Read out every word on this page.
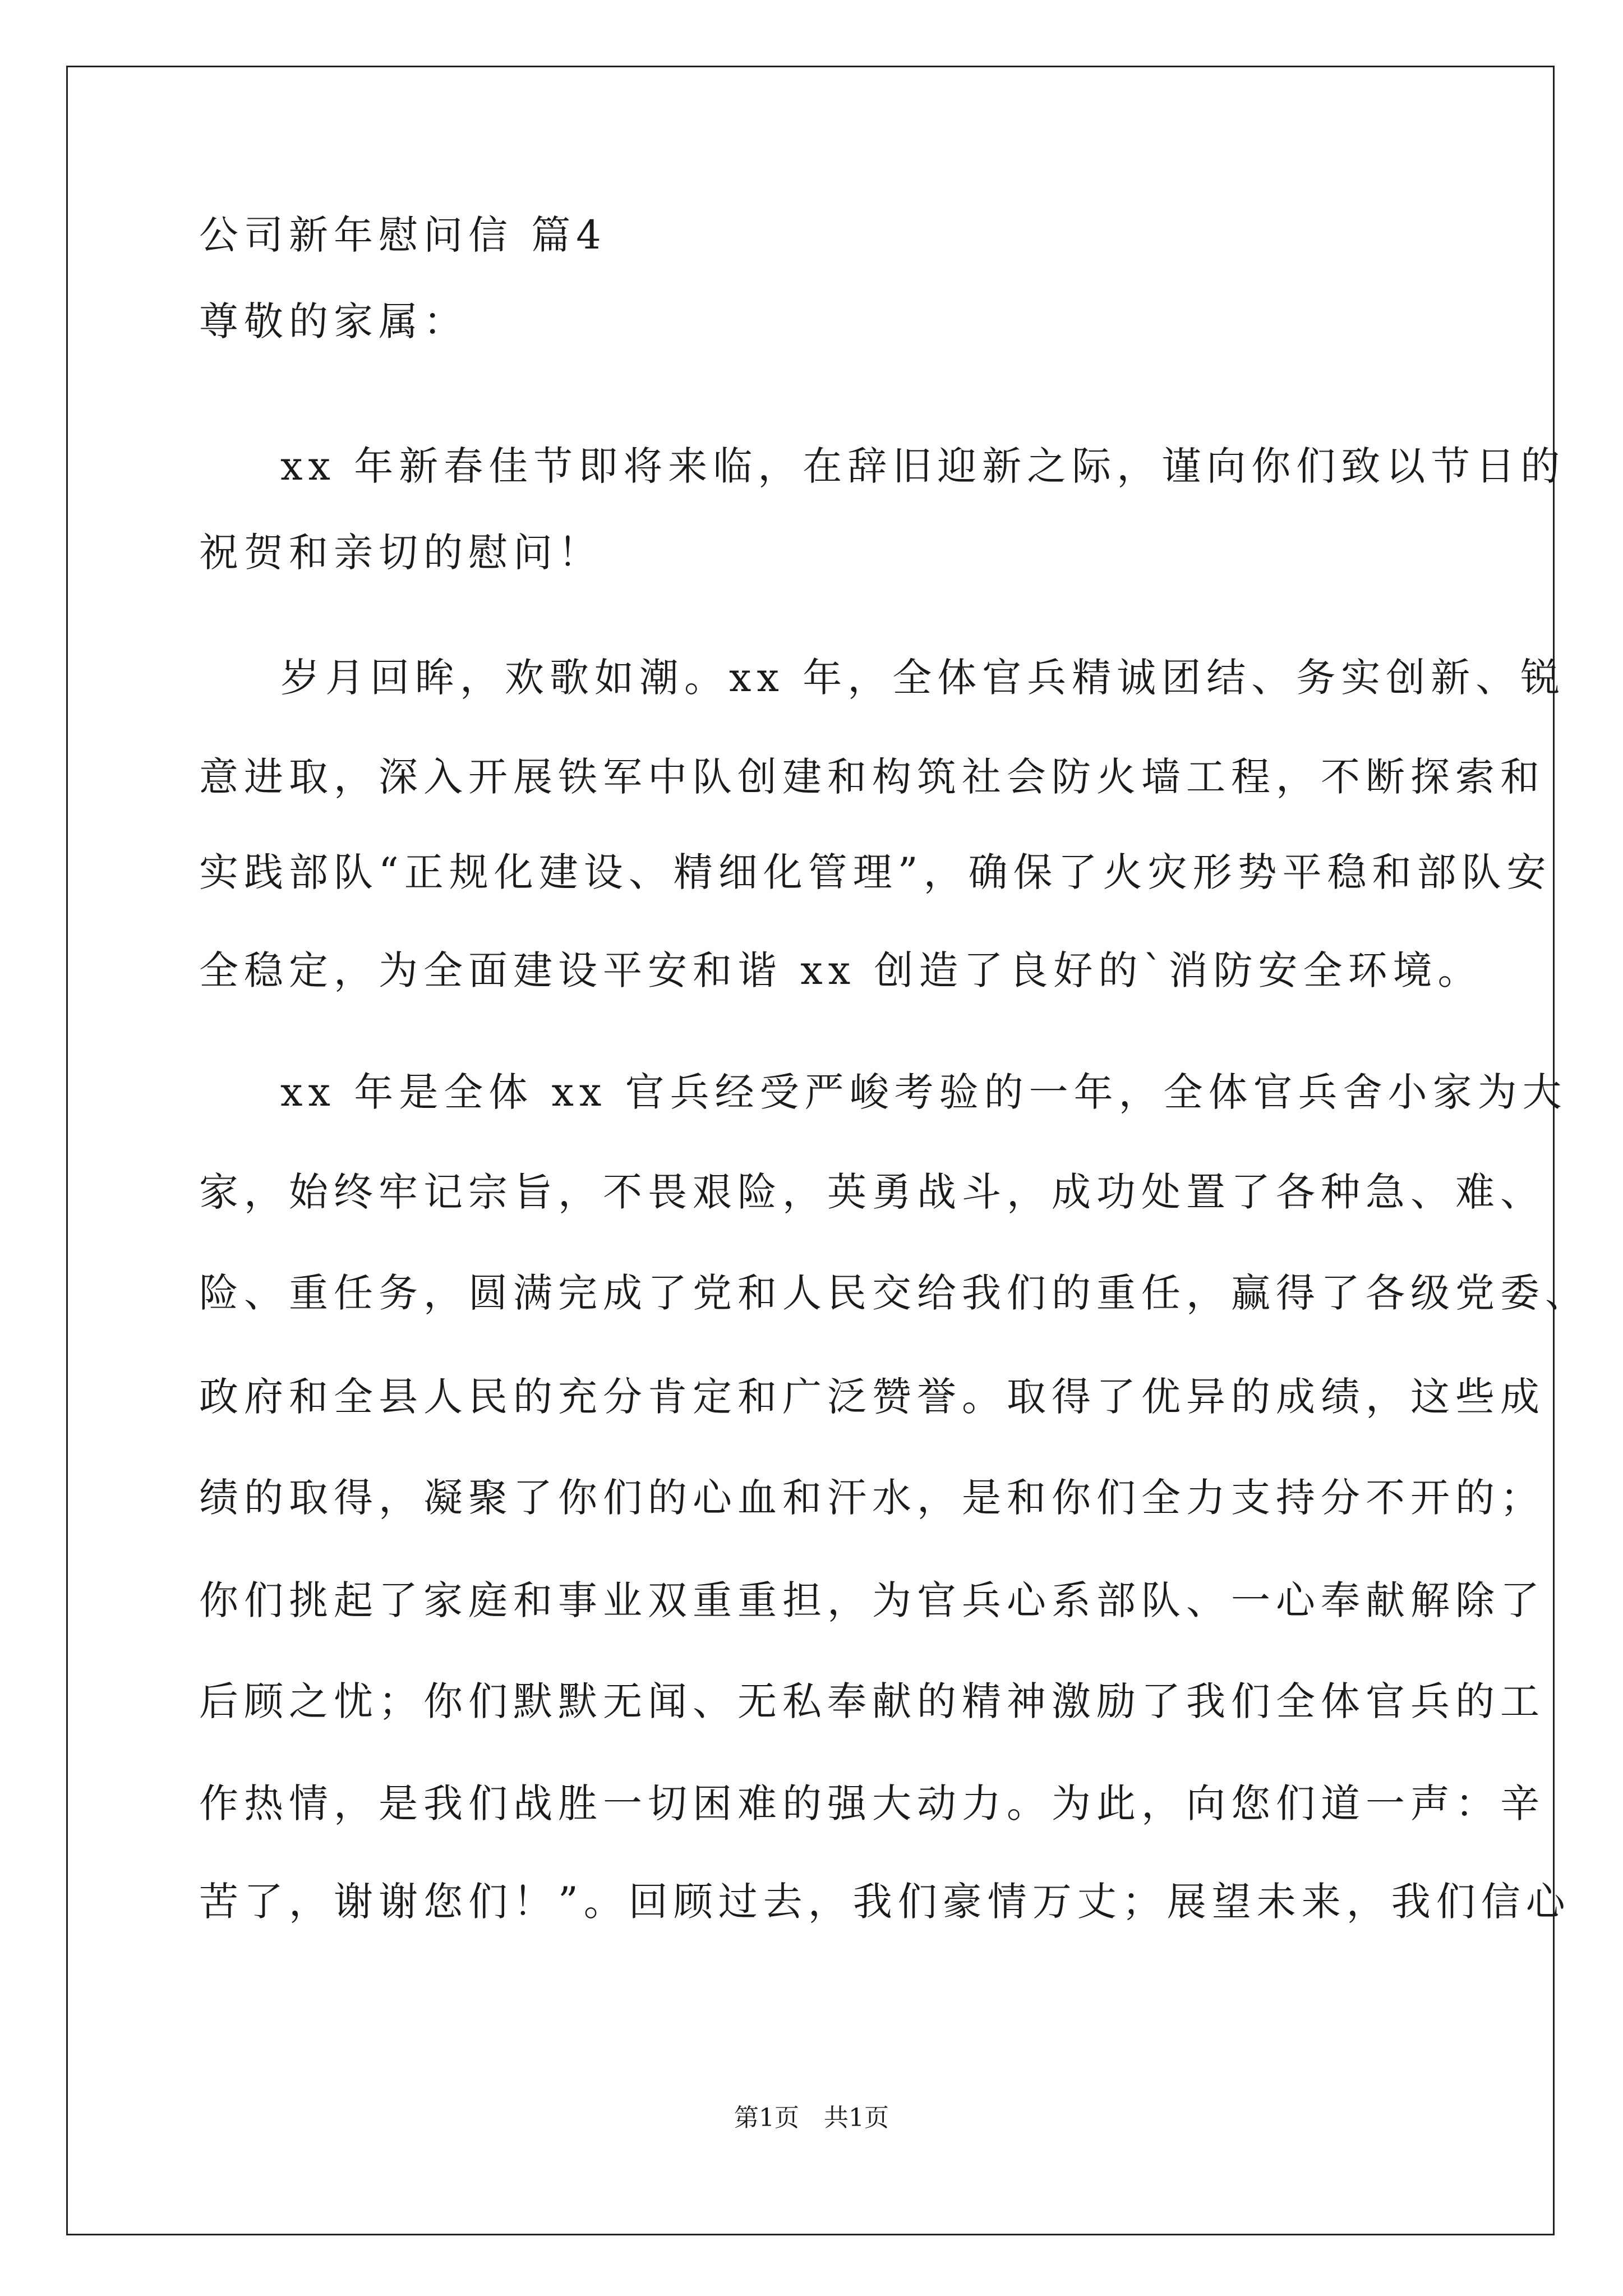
公司新年慰问信 篇4

尊敬的家属：

xx 年新春佳节即将来临，在辞旧迎新之际，谨向你们致以节日的

祝贺和亲切的慰问！

岁月回眸，欢歌如潮。xx 年，全体官兵精诚团结、务实创新、锐

意进取，深入开展铁军中队创建和构筑社会防火墙工程，不断探索和

实践部队“正规化建设、精细化管理”，确保了火灾形势平稳和部队安

全稳定，为全面建设平安和谐 xx 创造了良好的`消防安全环境。

xx 年是全体 xx 官兵经受严峻考验的一年，全体官兵舍小家为大

家，始终牢记宗旨，不畏艰险，英勇战斗，成功处置了各种急、难、

险、重任务，圆满完成了党和人民交给我们的重任，赢得了各级党委、

政府和全县人民的充分肯定和广泛赞誉。取得了优异的成绩，这些成

绩的取得，凝聚了你们的心血和汗水，是和你们全力支持分不开的；

你们挑起了家庭和事业双重重担，为官兵心系部队、一心奉献解除了

后顾之忧；你们默默无闻、无私奉献的精神激励了我们全体官兵的工

作热情，是我们战胜一切困难的强大动力。为此，向您们道一声：辛

苦了，谢谢您们！”。回顾过去，我们豪情万丈；展望未来，我们信心

第1页　共1页
